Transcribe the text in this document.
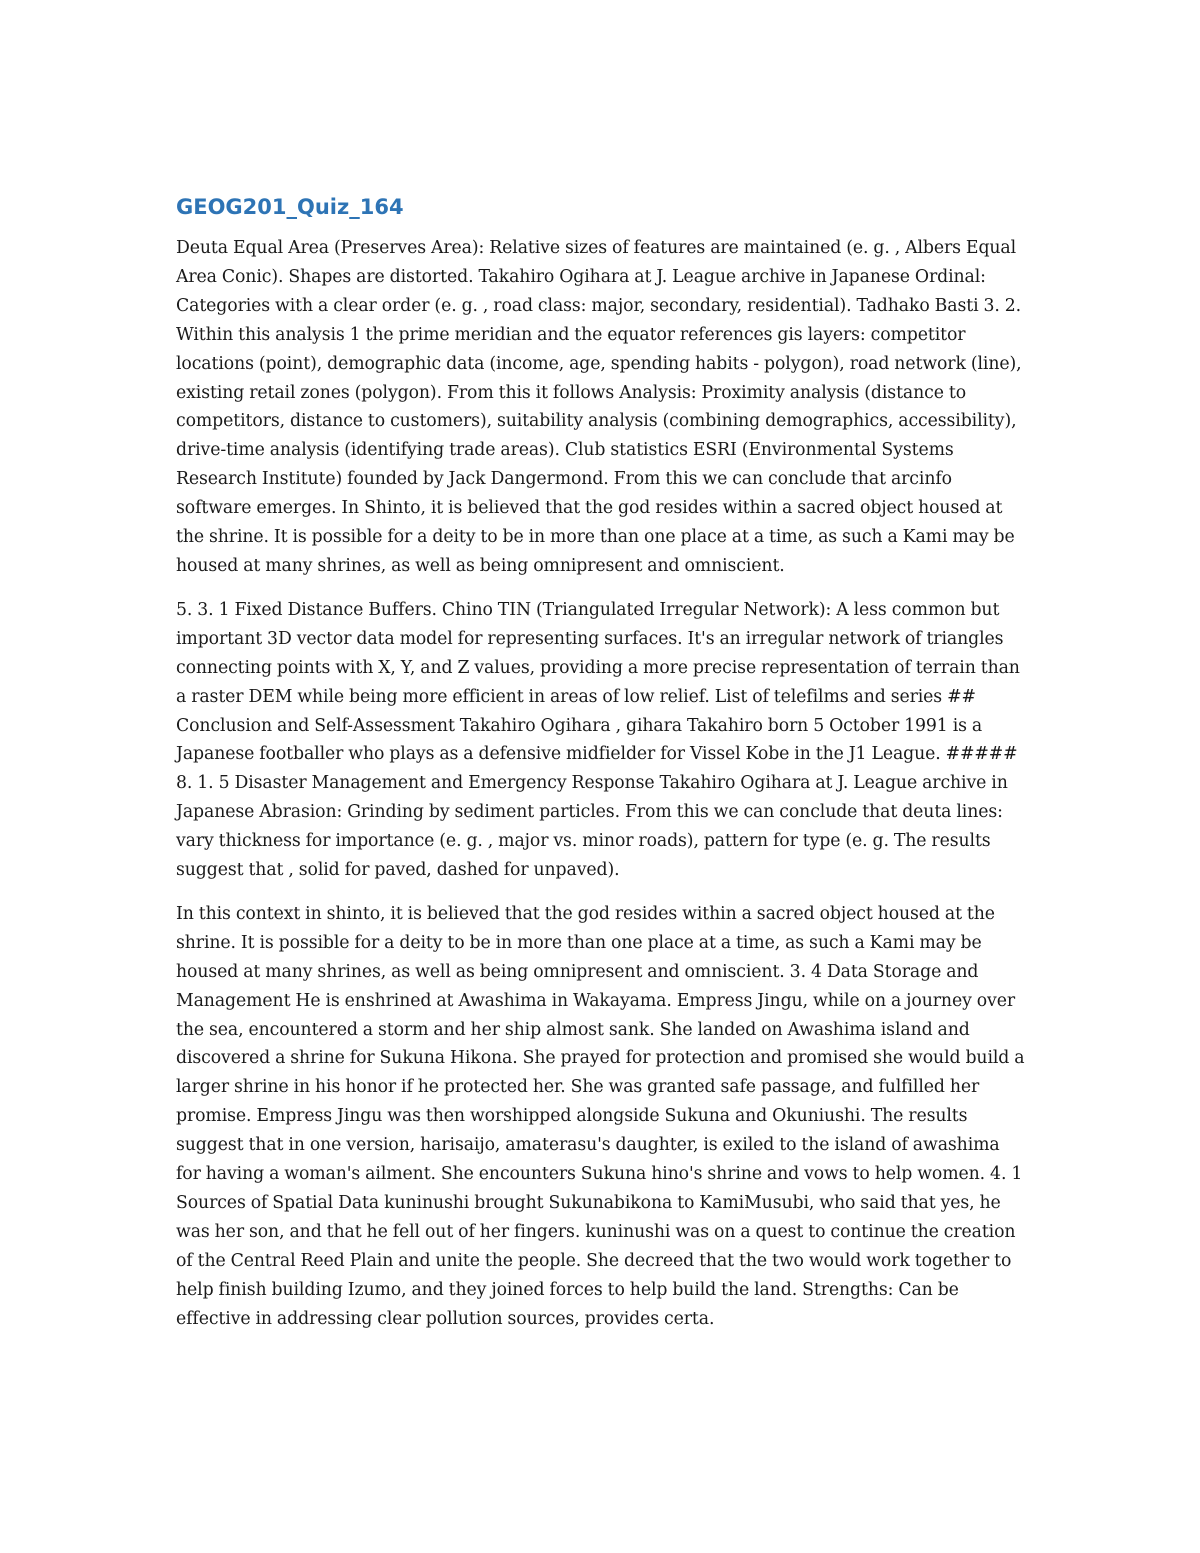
GEOG201_Quiz_164

Deuta Equal Area (Preserves Area): Relative sizes of features are maintained (e. g. , Albers Equal Area Conic). Shapes are distorted. Takahiro Ogihara at J. League archive in Japanese Ordinal: Categories with a clear order (e. g. , road class: major, secondary, residential). Tadhako Basti 3. 2. Within this analysis 1 the prime meridian and the equator references gis layers: competitor locations (point), demographic data (income, age, spending habits - polygon), road network (line), existing retail zones (polygon). From this it follows Analysis: Proximity analysis (distance to competitors, distance to customers), suitability analysis (combining demographics, accessibility), drive-time analysis (identifying trade areas). Club statistics ESRI (Environmental Systems Research Institute) founded by Jack Dangermond. From this we can conclude that arcinfo software emerges. In Shinto, it is believed that the god resides within a sacred object housed at the shrine. It is possible for a deity to be in more than one place at a time, as such a Kami may be housed at many shrines, as well as being omnipresent and omniscient.

5. 3. 1 Fixed Distance Buffers. Chino TIN (Triangulated Irregular Network): A less common but important 3D vector data model for representing surfaces. It's an irregular network of triangles connecting points with X, Y, and Z values, providing a more precise representation of terrain than a raster DEM while being more efficient in areas of low relief. List of telefilms and series ## Conclusion and Self-Assessment Takahiro Ogihara , gihara Takahiro born 5 October 1991 is a Japanese footballer who plays as a defensive midfielder for Vissel Kobe in the J1 League. ##### 8. 1. 5 Disaster Management and Emergency Response Takahiro Ogihara at J. League archive in Japanese Abrasion: Grinding by sediment particles. From this we can conclude that deuta lines: vary thickness for importance (e. g. , major vs. minor roads), pattern for type (e. g. The results suggest that , solid for paved, dashed for unpaved).

In this context in shinto, it is believed that the god resides within a sacred object housed at the shrine. It is possible for a deity to be in more than one place at a time, as such a Kami may be housed at many shrines, as well as being omnipresent and omniscient. 3. 4 Data Storage and Management He is enshrined at Awashima in Wakayama. Empress Jingu, while on a journey over the sea, encountered a storm and her ship almost sank. She landed on Awashima island and discovered a shrine for Sukuna Hikona. She prayed for protection and promised she would build a larger shrine in his honor if he protected her. She was granted safe passage, and fulfilled her promise. Empress Jingu was then worshipped alongside Sukuna and Okuniushi. The results suggest that in one version, harisaijo, amaterasu's daughter, is exiled to the island of awashima for having a woman's ailment. She encounters Sukuna hino's shrine and vows to help women. 4. 1 Sources of Spatial Data kuninushi brought Sukunabikona to KamiMusubi, who said that yes, he was her son, and that he fell out of her fingers. kuninushi was on a quest to continue the creation of the Central Reed Plain and unite the people. She decreed that the two would work together to help finish building Izumo, and they joined forces to help build the land. Strengths: Can be effective in addressing clear pollution sources, provides certa.
